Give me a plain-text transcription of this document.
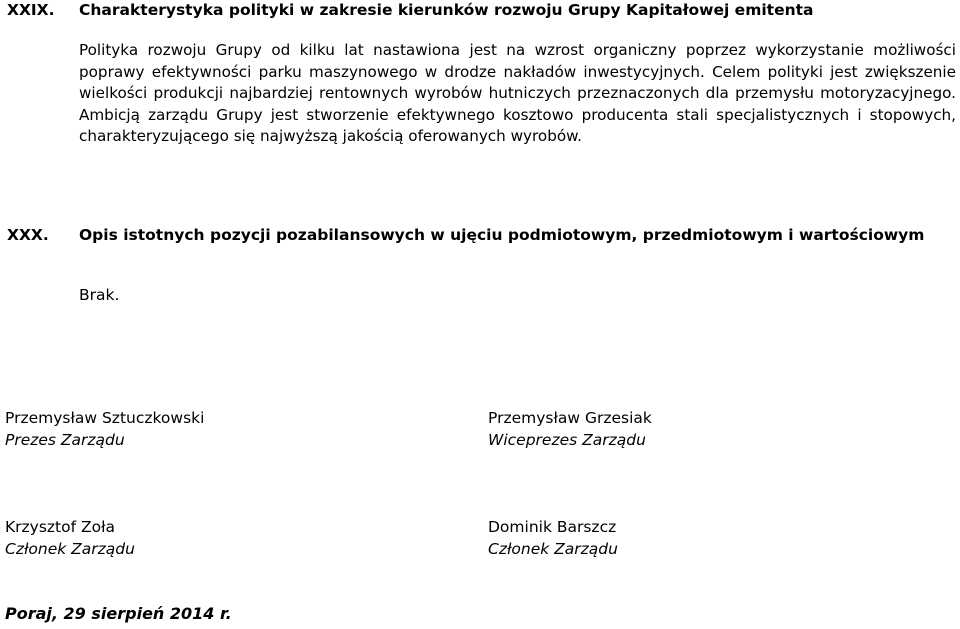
XXIX. Charakterystyka polityki w zakresie kierunków rozwoju Grupy Kapitałowej emitenta
Polityka rozwoju Grupy od kilku lat nastawiona jest na wzrost organiczny poprzez wykorzystanie możliwości poprawy efektywności parku maszynowego w drodze nakładów inwestycyjnych. Celem polityki jest zwiększenie wielkości produkcji najbardziej rentownych wyrobów hutniczych przeznaczonych dla przemysłu motoryzacyjnego. Ambicją zarządu Grupy jest stworzenie efektywnego kosztowo producenta stali specjalistycznych i stopowych, charakteryzującego się najwyższą jakością oferowanych wyrobów.
XXX. Opis istotnych pozycji pozabilansowych w ujęciu podmiotowym, przedmiotowym i wartościowym
Brak.
Przemysław Sztuczkowski
Prezes Zarządu
Przemysław Grzesiak
Wiceprezes Zarządu
Krzysztof Zoła
Członek Zarządu
Dominik Barszcz
Członek Zarządu
Poraj, 29 sierpień 2014 r.
